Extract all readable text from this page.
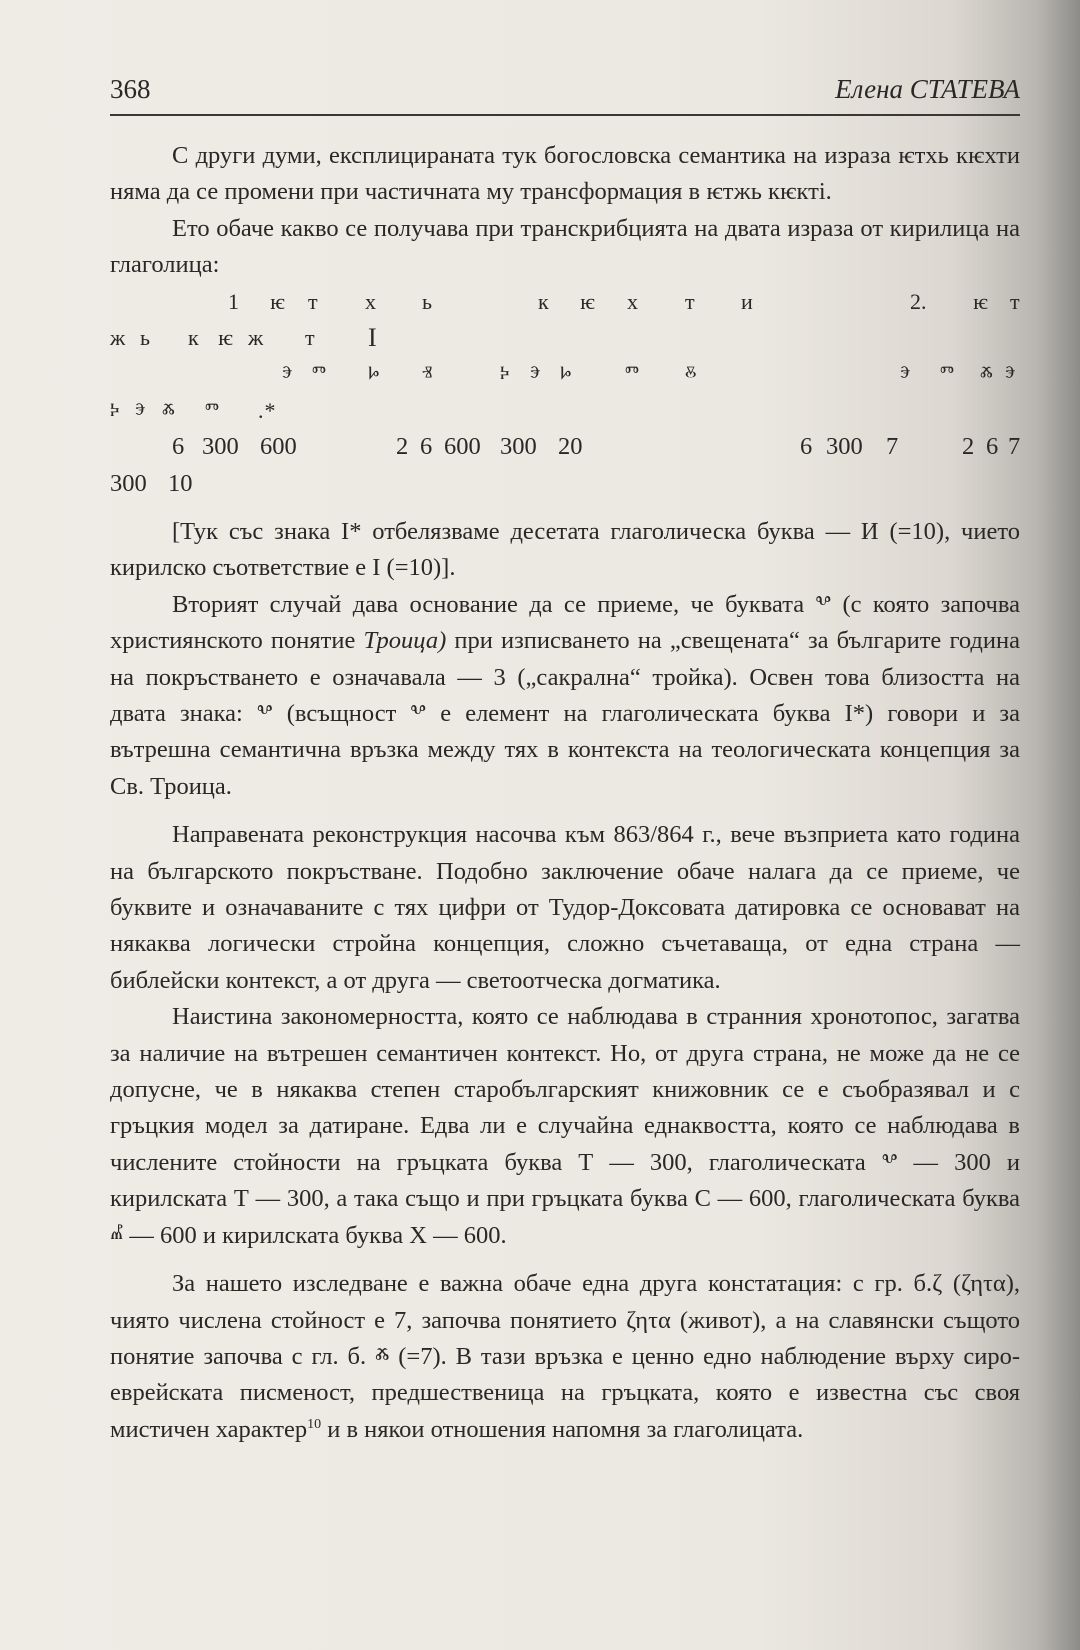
368	Елена СТАТЕВА

С други думи, експлицираната тук богословска семантика на израза ѥтхь кѥхти няма да се промени при частичната му трансформация в ѥтжь кѥкті.

Ето обаче какво се получава при транскрибцията на двата израза от кирилица на глаголица:

1 ѥ т х ь	к ѥ х т и	2. ѥ т
ж ь к ѥ ж т I
ⰵ ⱅ ⱈ ⱐ	ⰽ ⰵ ⱈ ⱅ ⰻ	ⰵ ⱅ ⰶ ⰵ
ⰽ ⰵ ⰶ ⱅ .*
6 300 600	2 6 600 300 20	6 300 7	2 6 7
300 10

[Тук със знака I* отбелязваме десетата глаголическа буква — И (=10), чието кирилско съответствие е I (=10)].

Вторият случай дава основание да се приеме, че буквата ⰲ (с която започва християнското понятие Троица) при изписването на „свещената“ за българите година на покръстването е означавала — 3 („сакрална“ тройка). Освен това близостта на двата знака: ⰲ (всъщност ⰲ е елемент на глаголическата буква I*) говори и за вътрешна семантична връзка между тях в контекста на теологическата концепция за Св. Троица.

Направената реконструкция насочва към 863/864 г., вече възприета като година на българското покръстване. Подобно заключение обаче налага да се приеме, че буквите и означаваните с тях цифри от Тудор-Доксовата датировка се основават на някаква логически стройна концепция, сложно съчетаваща, от една страна — библейски контекст, а от друга — светоотческа догматика.

Наистина закономерността, която се наблюдава в странния хронотопос, загатва за наличие на вътрешен семантичен контекст. Но, от друга страна, не може да не се допусне, че в някаква степен старобългарският книжовник се е съобразявал и с гръцкия модел за датиране. Едва ли е случайна еднаквостта, която се наблюдава в числените стойности на гръцката буква Т — 300, глаголическата ⰲ — 300 и кирилската Т — 300, а така също и при гръцката буква С — 600, глаголическата буква ⰼ — 600 и кирилската буква Х — 600.

За нашето изследване е важна обаче една друга констатация: с гр. б.ζ (ζητα), чиято числена стойност е 7, започва понятието ζητα (живот), а на славянски същото понятие започва с гл. б. ⰶ (=7). В тази връзка е ценно едно наблюдение върху сиро-еврейската писменост, предшественица на гръцката, която е известна със своя мистичен характер$^{10}$ и в някои отношения напомня за глаголицата.
